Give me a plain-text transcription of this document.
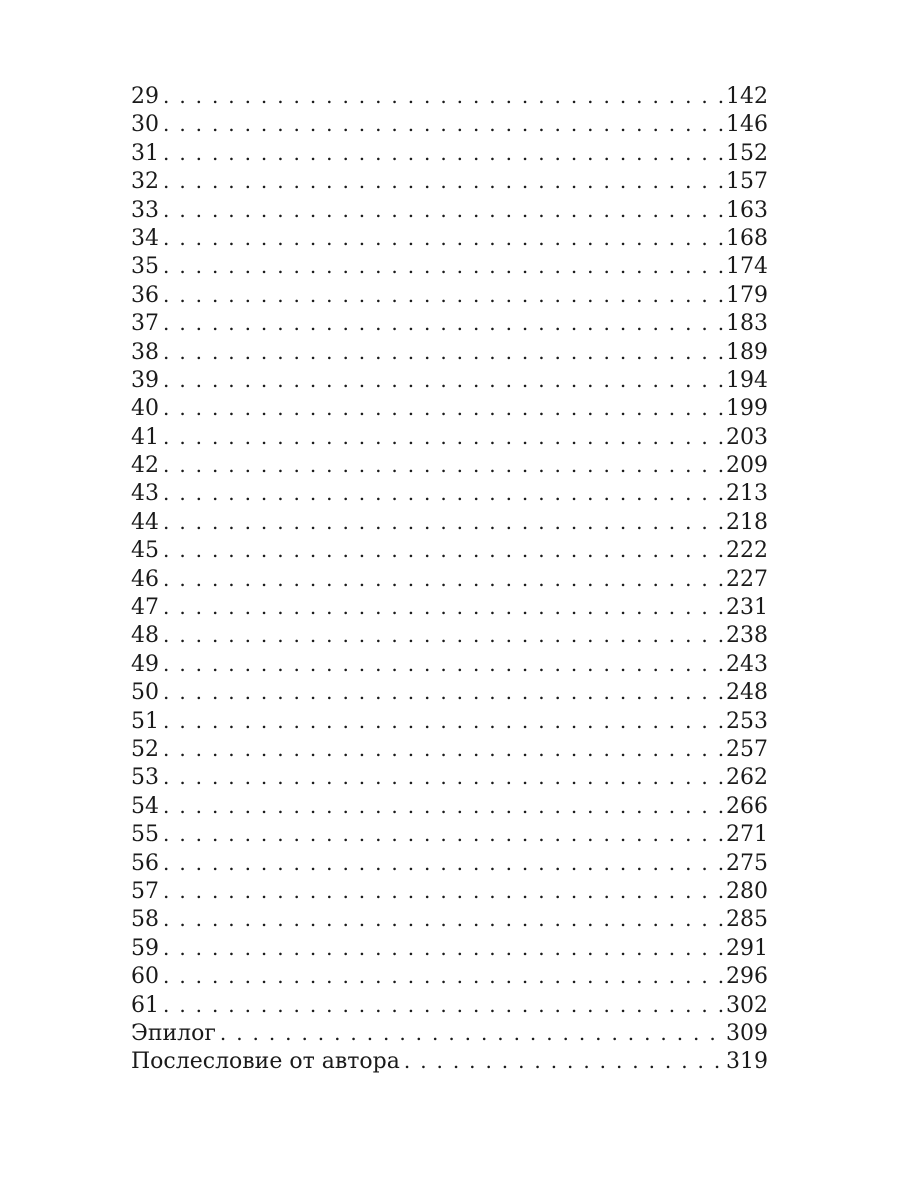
29 . . .	142
30 . . .	146
31 . . .	152
32 . . .	157
33 . . .	163
34 . . .	168
35 . . .	174
36 . . .	179
37 . . .	183
38 . . .	189
39 . . .	194
40 . . .	199
41 . . .	203
42 . . .	209
43 . . .	213
44 . . .	218
45 . . .	222
46 . . .	227
47 . . .	231
48 . . .	238
49 . . .	243
50 . . .	248
51 . . .	253
52 . . .	257
53 . . .	262
54 . . .	266
55 . . .	271
56 . . .	275
57 . . .	280
58 . . .	285
59 . . .	291
60 . . .	296
61 . . .	302
Эпилог . . .	309
Послесловие от автора . . .	319
